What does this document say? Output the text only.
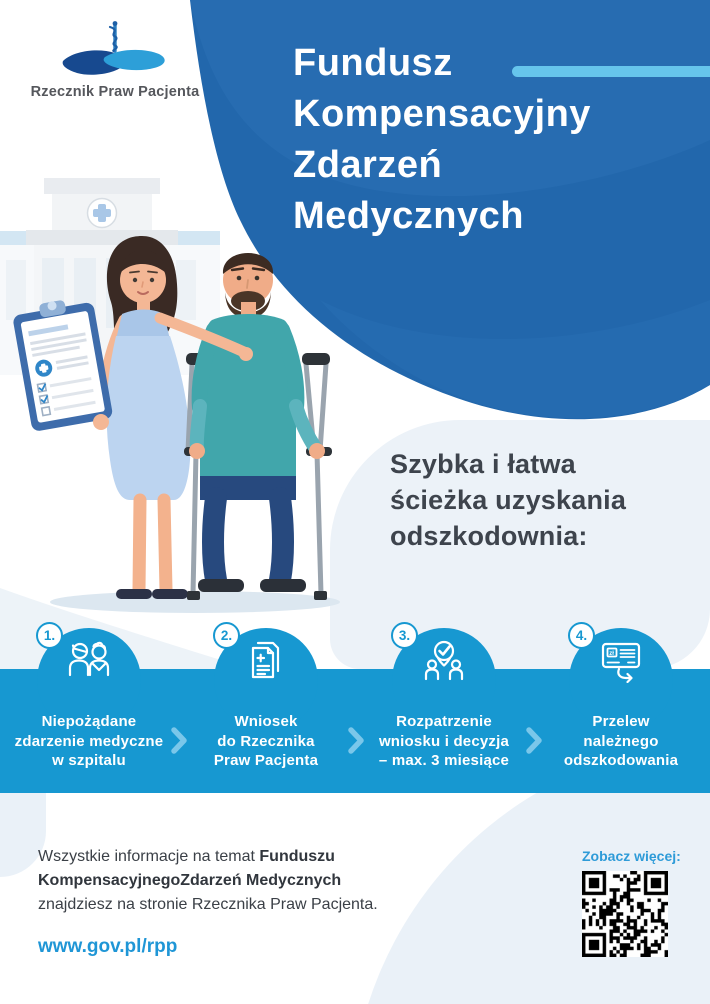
Fundusz
Kompensacyjny
Zdarzeń
Medycznych
Rzecznik Praw Pacjenta
Szybka i łatwa
ścieżka uzyskania
odszkodownia:
zł
1.	2.	3.	4.
Niepożądane
zdarzenie medyczne
w szpitalu
Wniosek
do Rzecznika
Praw Pacjenta
Rozpatrzenie
wniosku i decyzja
– max. 3 miesiące
Przelew
należnego
odszkodowania
Wszystkie informacje na temat Funduszu KompensacyjnegoZdarzeń Medycznych znajdziesz na stronie Rzecznika Praw Pacjenta.
www.gov.pl/rpp
Zobacz więcej:
